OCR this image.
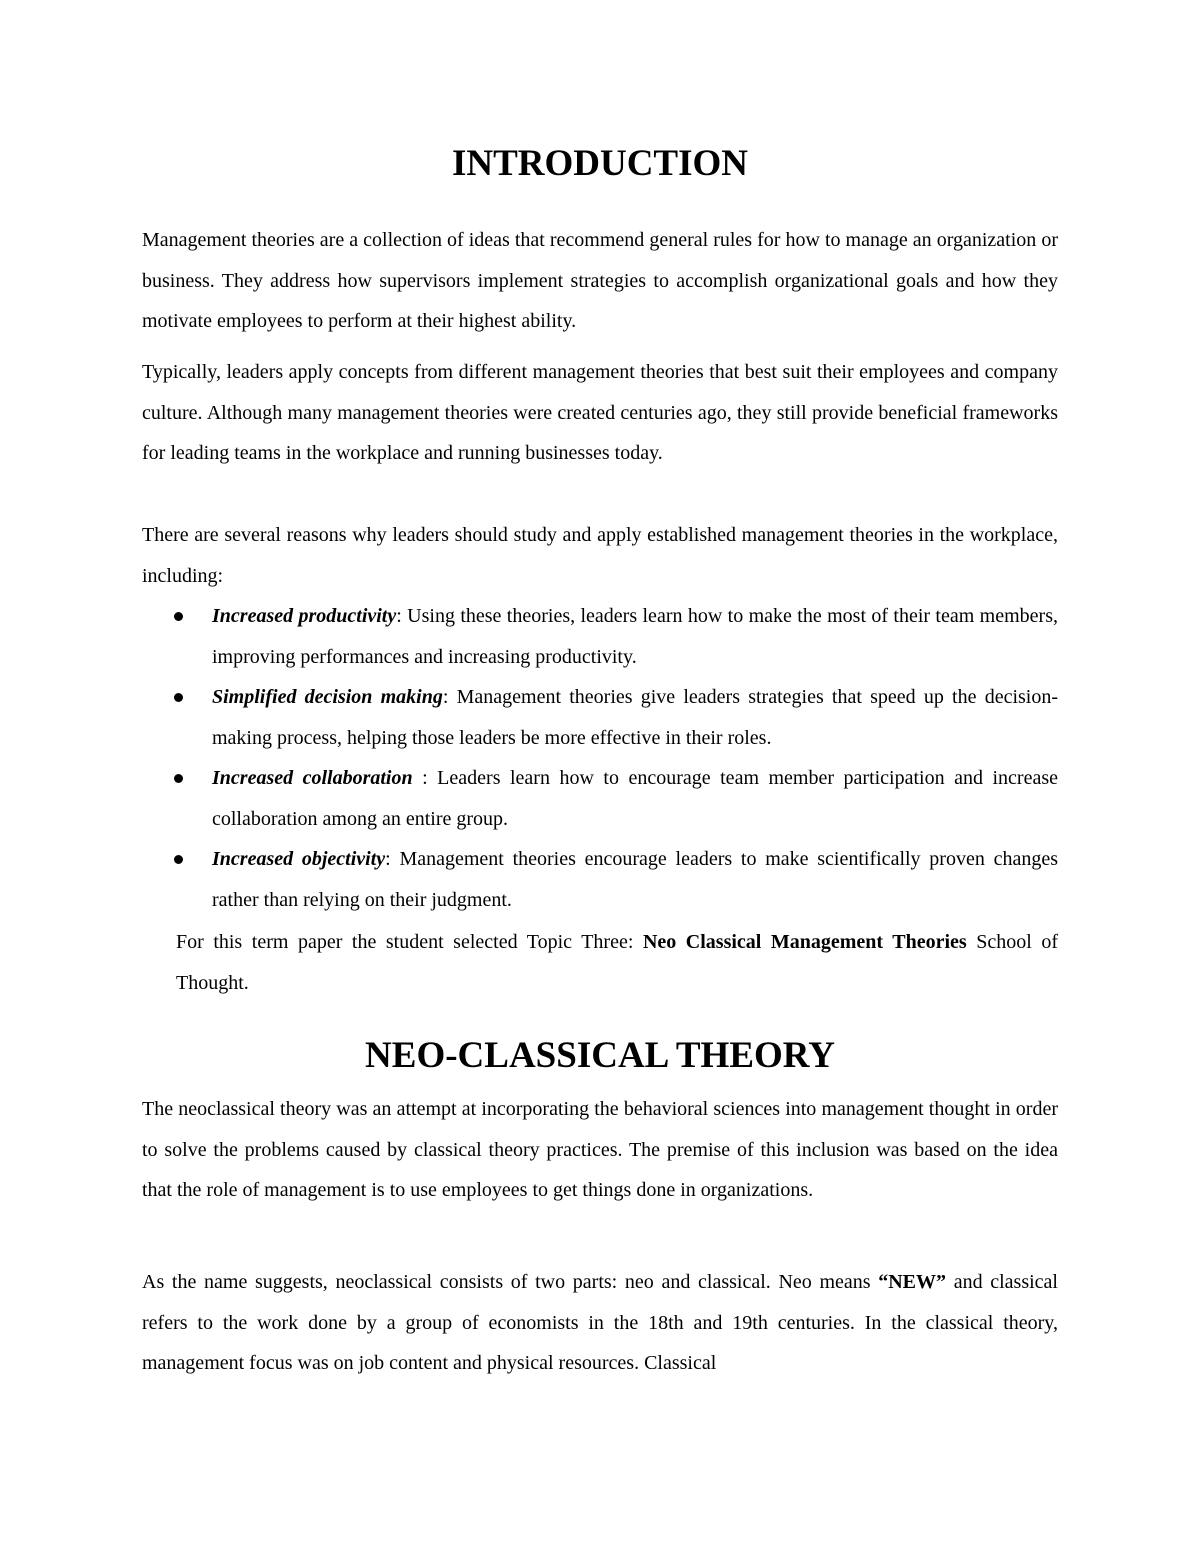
INTRODUCTION

Management theories are a collection of ideas that recommend general rules for how to manage an organization or business. They address how supervisors implement strategies to accomplish organizational goals and how they motivate employees to perform at their highest ability.

Typically, leaders apply concepts from different management theories that best suit their employees and company culture. Although many management theories were created centuries ago, they still provide beneficial frameworks for leading teams in the workplace and running businesses today.

There are several reasons why leaders should study and apply established management theories in the workplace, including:

Increased productivity: Using these theories, leaders learn how to make the most of their team members, improving performances and increasing productivity.
Simplified decision making: Management theories give leaders strategies that speed up the decision-making process, helping those leaders be more effective in their roles.
Increased collaboration : Leaders learn how to encourage team member participation and increase collaboration among an entire group.
Increased objectivity: Management theories encourage leaders to make scientifically proven changes rather than relying on their judgment.

For this term paper the student selected Topic Three: Neo Classical Management Theories School of Thought.

NEO-CLASSICAL THEORY

The neoclassical theory was an attempt at incorporating the behavioral sciences into management thought in order to solve the problems caused by classical theory practices. The premise of this inclusion was based on the idea that the role of management is to use employees to get things done in organizations.

As the name suggests, neoclassical consists of two parts: neo and classical. Neo means “NEW” and classical refers to the work done by a group of economists in the 18th and 19th centuries. In the classical theory, management focus was on job content and physical resources. Classical
